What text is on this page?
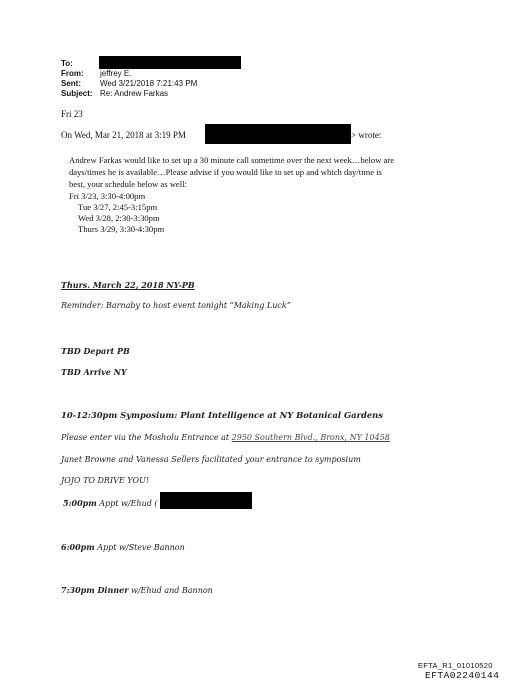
To:
From: jeffrey E.
Sent: Wed 3/21/2018 7:21:43 PM
Subject: Re: Andrew Farkas
Fri 23
On Wed, Mar 21, 2018 at 3:19 PM	> wrote:
Andrew Farkas would like to set up a 30 minute call sometime over the next week…below are
days/times he is available…Please advise if you would like to set up and which day/time is
best, your schedule below as well:
Fri 3/23, 3:30-4:00pm
Tue 3/27, 2:45-3:15pm
Wed 3/28, 2:30-3:30pm
Thurs 3/29, 3:30-4:30pm
Thurs. March 22, 2018 NY-PB
Reminder: Barnaby to host event tonight “Making Luck”
TBD Depart PB
TBD Arrive NY
10-12:30pm Symposium: Plant Intelligence at NY Botanical Gardens
Please enter via the Mosholu Entrance at 2950 Southern Blvd., Bronx, NY 10458
Janet Browne and Vanessa Sellers facilitated your entrance to symposium
JOJO TO DRIVE YOU!
5:00pm Appt w/Ehud (
6:00pm Appt w/Steve Bannon
7:30pm Dinner w/Ehud and Bannon
EFTA_R1_01010520
EFTA02240144
